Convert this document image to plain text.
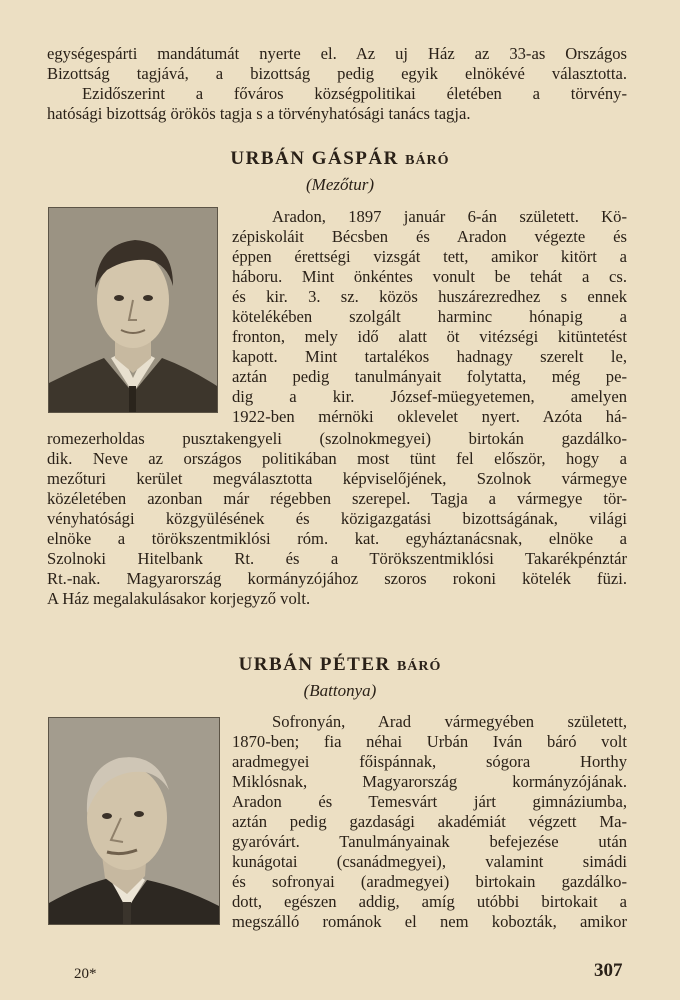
egységespárti mandátumát nyerte el. Az uj Ház az 33-as Országos
Bizottság tagjává, a bizottság pedig egyik elnökévé választotta.
Ezidőszerint a főváros községpolitikai életében a törvény-
hatósági bizottság örökös tagja s a törvényhatósági tanács tagja.
URBÁN GÁSPÁR BÁRÓ
(Mezőtur)
Aradon, 1897 január 6-án született. Kö-
zépiskoláit Bécsben és Aradon végezte és
éppen érettségi vizsgát tett, amikor kitört a
háboru. Mint önkéntes vonult be tehát a cs.
és kir. 3. sz. közös huszárezredhez s ennek
kötelékében szolgált harminc hónapig a
fronton, mely idő alatt öt vitézségi kitüntetést
kapott. Mint tartalékos hadnagy szerelt le,
aztán pedig tanulmányait folytatta, még pe-
dig a kir. József-müegyetemen, amelyen
1922-ben mérnöki oklevelet nyert. Azóta há-
romezerholdas pusztakengyeli (szolnokmegyei) birtokán gazdálko-
dik. Neve az országos politikában most tünt fel először, hogy a
mezőturi kerület megválasztotta képviselőjének, Szolnok vármegye
közéletében azonban már régebben szerepel. Tagja a vármegye tör-
vényhatósági közgyülésének és közigazgatási bizottságának, világi
elnöke a törökszentmiklósi róm. kat. egyháztanácsnak, elnöke a
Szolnoki Hitelbank Rt. és a Törökszentmiklósi Takarékpénztár
Rt.-nak. Magyarország kormányzójához szoros rokoni kötelék füzi.
A Ház megalakulásakor korjegyző volt.
URBÁN PÉTER BÁRÓ
(Battonya)
Sofronyán, Arad vármegyében született,
1870-ben; fia néhai Urbán Iván báró volt
aradmegyei főispánnak, sógora Horthy
Miklósnak, Magyarország kormányzójának.
Aradon és Temesvárt járt gimnáziumba,
aztán pedig gazdasági akadémiát végzett Ma-
gyaróvárt. Tanulmányainak befejezése után
kunágotai (csanádmegyei), valamint simádi
és sofronyai (aradmegyei) birtokain gazdálko-
dott, egészen addig, amíg utóbbi birtokait a
megszálló románok el nem kobozták, amikor
20*	307
